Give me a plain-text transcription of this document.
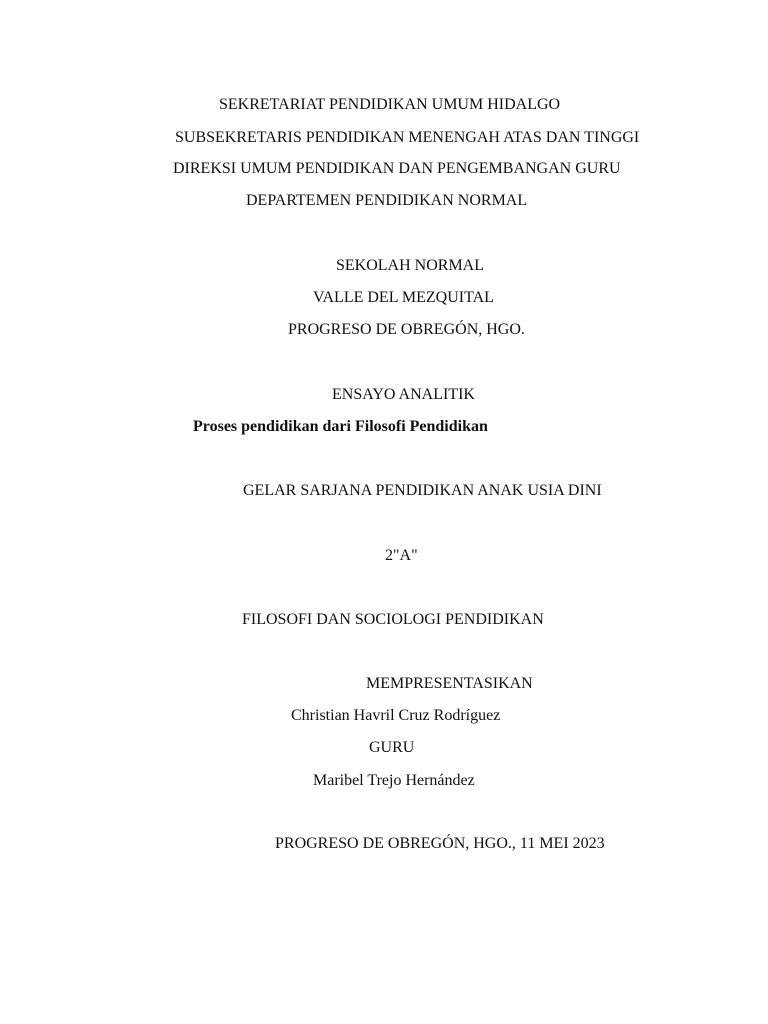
SEKRETARIAT PENDIDIKAN UMUM HIDALGO
SUBSEKRETARIS PENDIDIKAN MENENGAH ATAS DAN TINGGI
DIREKSI UMUM PENDIDIKAN DAN PENGEMBANGAN GURU
DEPARTEMEN PENDIDIKAN NORMAL
SEKOLAH NORMAL
VALLE DEL MEZQUITAL
PROGRESO DE OBREGÓN, HGO.
ENSAYO ANALITIK
Proses pendidikan dari Filosofi Pendidikan
GELAR SARJANA PENDIDIKAN ANAK USIA DINI
2"A"
FILOSOFI DAN SOCIOLOGI PENDIDIKAN
MEMPRESENTASIKAN
Christian Havril Cruz Rodríguez
GURU
Maribel Trejo Hernández
PROGRESO DE OBREGÓN, HGO., 11 MEI 2023
